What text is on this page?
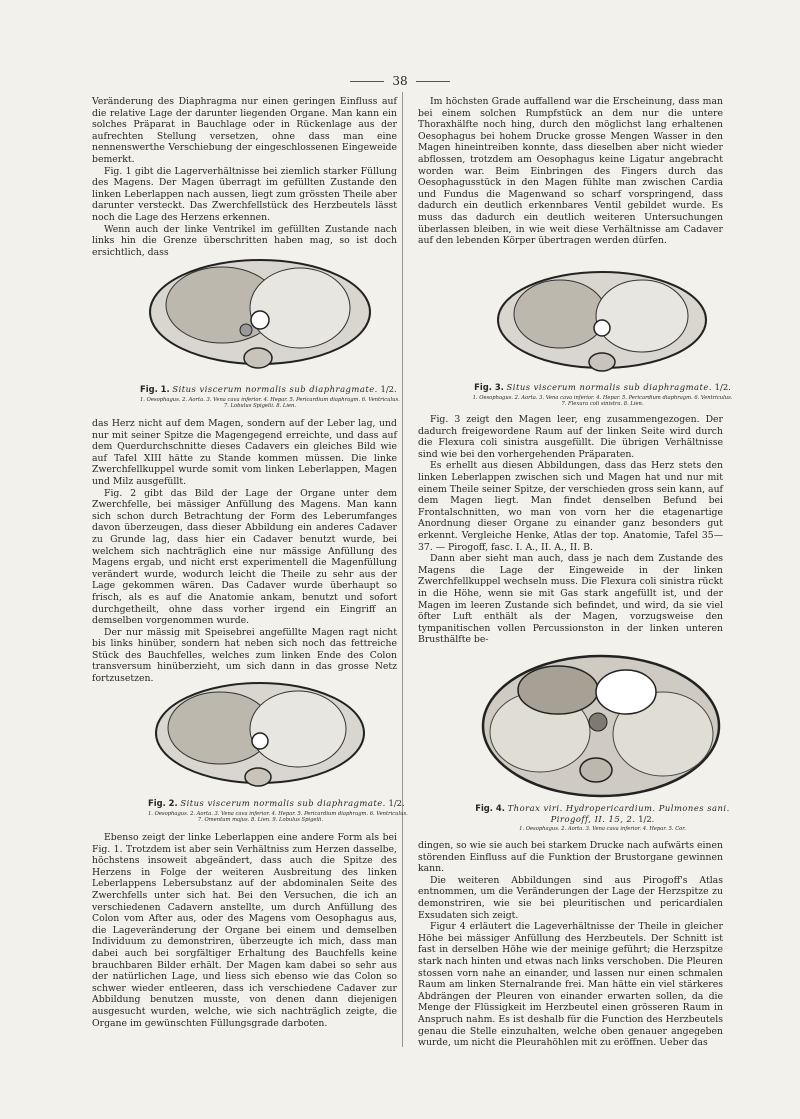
38

Veränderung des Diaphragma nur einen geringen Einfluss auf die relative Lage der darunter liegenden Organe. Man kann ein solches Präparat in Bauchlage oder in Rückenlage aus der aufrechten Stellung versetzen, ohne dass man eine nennenswerthe Verschiebung der eingeschlossenen Eingeweide bemerkt.

Fig. 1 gibt die Lagerverhältnisse bei ziemlich starker Füllung des Magens. Der Magen überragt im gefüllten Zustande den linken Leberlappen nach aussen, liegt zum grössten Theile aber darunter versteckt. Das Zwerchfellstück des Herzbeutels lässt noch die Lage des Herzens erkennen.

Wenn auch der linke Ventrikel im gefüllten Zustande nach links hin die Grenze überschritten haben mag, so ist doch ersichtlich, dass

Fig. 1. Situs viscerum normalis sub diaphragmate. 1/2.
1. Oesophagus. 2. Aorta. 3. Vena cava inferior. 4. Hepar. 5. Pericardium diaphragm. 6. Ventriculus.
7. Lobulus Spigelii. 8. Lien.

das Herz nicht auf dem Magen, sondern auf der Leber lag, und nur mit seiner Spitze die Magengegend erreichte, und dass auf dem Querdurchschnitte dieses Cadavers ein gleiches Bild wie auf Tafel XIII hätte zu Stande kommen müssen. Die linke Zwerchfellkuppel wurde somit vom linken Leberlappen, Magen und Milz ausgefüllt.

Fig. 2 gibt das Bild der Lage der Organe unter dem Zwerchfelle, bei mässiger Anfüllung des Magens. Man kann sich schon durch Betrachtung der Form des Leberumfanges davon überzeugen, dass dieser Abbildung ein anderes Cadaver zu Grunde lag, dass hier ein Cadaver benutzt wurde, bei welchem sich nachträglich eine nur mässige Anfüllung des Magens ergab, und nicht erst experimentell die Magenfüllung verändert wurde, wodurch leicht die Theile zu sehr aus der Lage gekommen wären. Das Cadaver wurde überhaupt so frisch, als es auf die Anatomie ankam, benutzt und sofort durchgetheilt, ohne dass vorher irgend ein Eingriff an demselben vorgenommen wurde.

Der nur mässig mit Speisebrei angefüllte Magen ragt nicht bis links hinüber, sondern hat neben sich noch das fettreiche Stück des Bauchfelles, welches zum linken Ende des Colon transversum hinüberzieht, um sich dann in das grosse Netz fortzusetzen.

Fig. 2. Situs viscerum normalis sub diaphragmate. 1/2.
1. Oesophagus. 2. Aorta. 3. Vena cava inferior. 4. Hepar. 5. Pericardium diaphragm. 6. Ventriculus.
7. Omentum majus. 8. Lien. 9. Lobulus Spigelii.

Ebenso zeigt der linke Leberlappen eine andere Form als bei Fig. 1. Trotzdem ist aber sein Verhältniss zum Herzen dasselbe, höchstens insoweit abgeändert, dass auch die Spitze des Herzens in Folge der weiteren Ausbreitung des linken Leberlappens Lebersubstanz auf der abdominalen Seite des Zwerchfells unter sich hat. Bei den Versuchen, die ich an verschiedenen Cadavern anstellte, um durch Anfüllung des Colon vom After aus, oder des Magens vom Oesophagus aus, die Lageveränderung der Organe bei einem und demselben Individuum zu demonstriren, überzeugte ich mich, dass man dabei auch bei sorgfältiger Erhaltung des Bauchfells keine brauchbaren Bilder erhält. Der Magen kam dabei so sehr aus der natürlichen Lage, und liess sich ebenso wie das Colon so schwer wieder entleeren, dass ich verschiedene Cadaver zur Abbildung benutzen musste, von denen dann diejenigen ausgesucht wurden, welche, wie sich nachträglich zeigte, die Organe im gewünschten Füllungsgrade darboten.

Im höchsten Grade auffallend war die Erscheinung, dass man bei einem solchen Rumpfstück an dem nur die untere Thoraxhälfte noch hing, durch den möglichst lang erhaltenen Oesophagus bei hohem Drucke grosse Mengen Wasser in den Magen hineintreiben konnte, dass dieselben aber nicht wieder abflossen, trotzdem am Oesophagus keine Ligatur angebracht worden war. Beim Einbringen des Fingers durch das Oesophagusstück in den Magen fühlte man zwischen Cardia und Fundus die Magenwand so scharf vorspringend, dass dadurch ein deutlich erkennbares Ventil gebildet wurde. Es muss das dadurch ein deutlich weiteren Untersuchungen überlassen bleiben, in wie weit diese Verhältnisse am Cadaver auf den lebenden Körper übertragen werden dürfen.

Fig. 3. Situs viscerum normalis sub diaphragmate. 1/2.
1. Oesophagus. 2. Aorta. 3. Vena cava inferior. 4. Hepar. 5. Pericardium diaphragm. 6. Ventriculus.
7. Flexura coli sinistra. 8. Lien.

Fig. 3 zeigt den Magen leer, eng zusammengezogen. Der dadurch freigewordene Raum auf der linken Seite wird durch die Flexura coli sinistra ausgefüllt. Die übrigen Verhältnisse sind wie bei den vorhergehenden Präparaten.

Es erhellt aus diesen Abbildungen, dass das Herz stets den linken Leberlappen zwischen sich und Magen hat und nur mit einem Theile seiner Spitze, der verschieden gross sein kann, auf dem Magen liegt. Man findet denselben Befund bei Frontalschnitten, wo man von vorn her die etagenartige Anordnung dieser Organe zu einander ganz besonders gut erkennt. Vergleiche Henke, Atlas der top. Anatomie, Tafel 35—37. — Pirogoff, fasc. I. A., II. A., II. B.

Dann aber sieht man auch, dass je nach dem Zustande des Magens die Lage der Eingeweide in der linken Zwerchfellkuppel wechseln muss. Die Flexura coli sinistra rückt in die Höhe, wenn sie mit Gas stark angefüllt ist, und der Magen im leeren Zustande sich befindet, und wird, da sie viel öfter Luft enthält als der Magen, vorzugsweise den tympanitischen vollen Percussionston in der linken unteren Brusthälfte be-

Fig. 4. Thorax viri. Hydropericardium. Pulmones sani.
Pirogoff, II. 15, 2. 1/2.
1. Oesophagus. 2. Aorta. 3. Vena cava inferior. 4. Hepar. 5. Cor.

dingen, so wie sie auch bei starkem Drucke nach aufwärts einen störenden Einfluss auf die Funktion der Brustorgane gewinnen kann.

Die weiteren Abbildungen sind aus Pirogoff's Atlas entnommen, um die Veränderungen der Lage der Herzspitze zu demonstriren, wie sie bei pleuritischen und pericardialen Exsudaten sich zeigt.

Figur 4 erläutert die Lageverhältnisse der Theile in gleicher Höhe bei mässiger Anfüllung des Herzbeutels. Der Schnitt ist fast in derselben Höhe wie der meinige geführt; die Herzspitze stark nach hinten und etwas nach links verschoben. Die Pleuren stossen vorn nahe an einander, und lassen nur einen schmalen Raum am linken Sternalrande frei. Man hätte ein viel stärkeres Abdrängen der Pleuren von einander erwarten sollen, da die Menge der Flüssigkeit im Herzbeutel einen grösseren Raum in Anspruch nahm. Es ist deshalb für die Function des Herzbeutels genau die Stelle einzuhalten, welche oben genauer angegeben wurde, um nicht die Pleurahöhlen mit zu eröffnen. Ueber das
